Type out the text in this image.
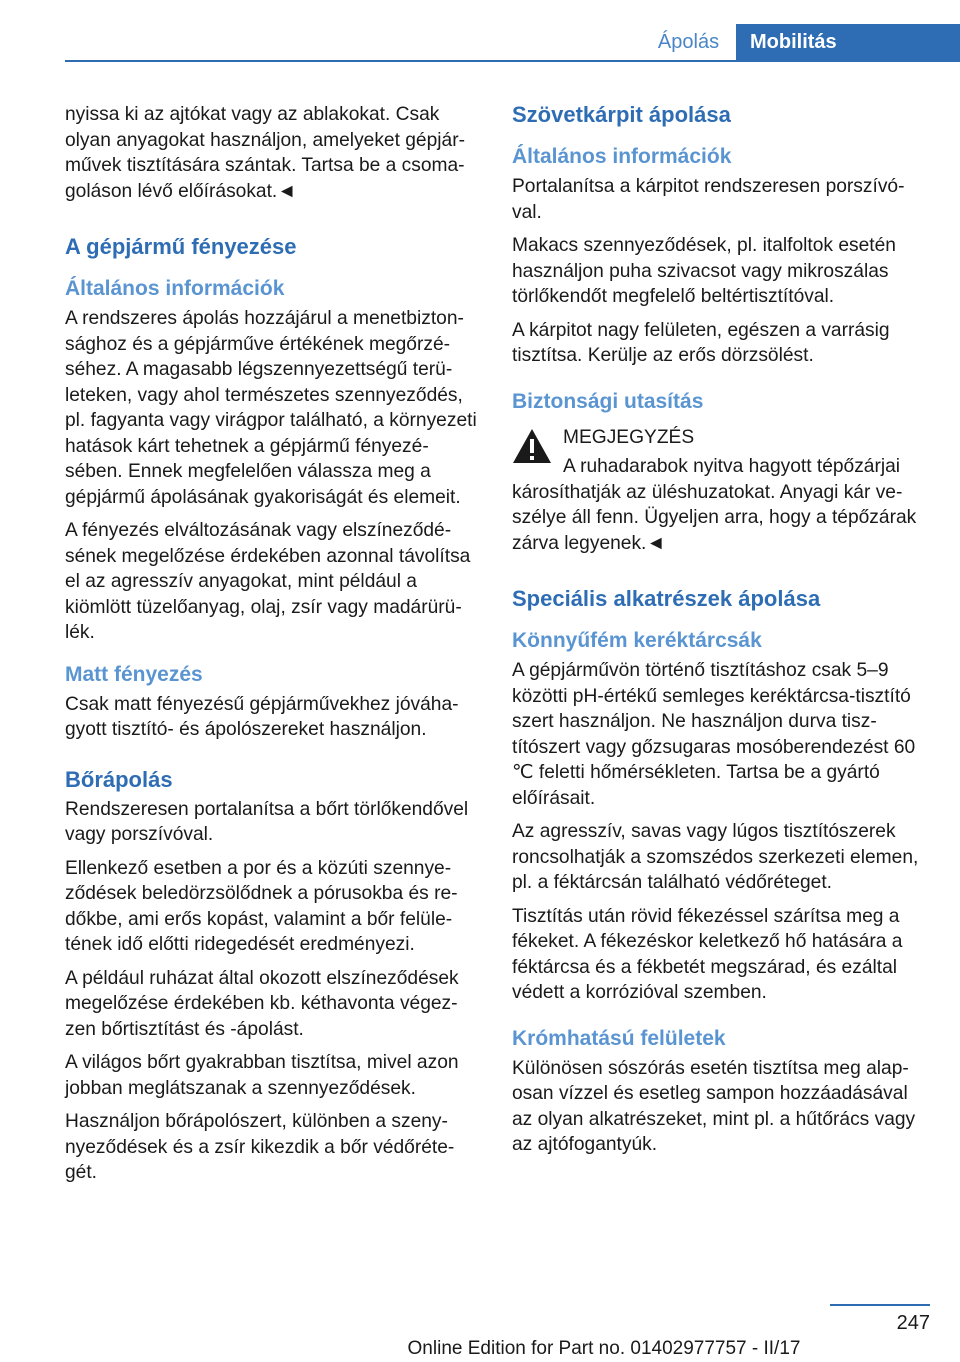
Ápolás	Mobilitás

nyissa ki az ajtókat vagy az ablakokat. Csak olyan anyagokat használjon, amelyeket gépjárművek tisztítására szántak. Tartsa be a csomagoláson lévő előírásokat.◄

A gépjármű fényezése
Általános információk

A rendszeres ápolás hozzájárul a menetbiztonsághoz és a gépjárműve értékének megőrzéséhez. A magasabb légszennyezettségű területeken, vagy ahol természetes szennyeződés, pl. fagyanta vagy virágpor található, a környezeti hatások kárt tehetnek a gépjármű fényezésében. Ennek megfelelően válassza meg a gépjármű ápolásának gyakoriságát és elemeit.

A fényezés elváltozásának vagy elszíneződésének megelőzése érdekében azonnal távolítsa el az agresszív anyagokat, mint például a kiömlött tüzelőanyag, olaj, zsír vagy madárürülék.

Matt fényezés

Csak matt fényezésű gépjárművekhez jóváhagyott tisztító- és ápolószereket használjon.

Bőrápolás

Rendszeresen portalanítsa a bőrt törlőkendővel vagy porszívóval.

Ellenkező esetben a por és a közúti szennyeződések beledörzsölődnek a pórusokba és redőkbe, ami erős kopást, valamint a bőr felületének idő előtti ridegedését eredményezi.

A például ruházat által okozott elszíneződések megelőzése érdekében kb. kéthavonta végezzen bőrtisztítást és -ápolást.

A világos bőrt gyakrabban tisztítsa, mivel azon jobban meglátszanak a szennyeződések.

Használjon bőrápolószert, különben a szenynyeződések és a zsír kikezdik a bőr védőrétegét.

Szövetkárpit ápolása
Általános információk

Portalanítsa a kárpitot rendszeresen porszívóval.

Makacs szennyeződések, pl. italfoltok esetén használjon puha szivacsot vagy mikroszálas törlőkendőt megfelelő beltértisztítóval.

A kárpitot nagy felületen, egészen a varrásig tisztítsa. Kerülje az erős dörzsölést.

Biztonsági utasítás

MEGJEGYZÉS

A ruhadarabok nyitva hagyott tépőzárjai károsíthatják az üléshuzatokat. Anyagi kár veszélye áll fenn. Ügyeljen arra, hogy a tépőzárak zárva legyenek.◄

Speciális alkatrészek ápolása
Könnyűfém keréktárcsák

A gépjárművön történő tisztításhoz csak 5–9 közötti pH-értékű semleges keréktárcsa-tisztító szert használjon. Ne használjon durva tisztítószert vagy gőzsugaras mosóberendezést 60 ℃ feletti hőmérsékleten. Tartsa be a gyártó előírásait.

Az agresszív, savas vagy lúgos tisztítószerek roncsolhatják a szomszédos szerkezeti elemen, pl. a féktárcsán található védőréteget.

Tisztítás után rövid fékezéssel szárítsa meg a fékeket. A fékezéskor keletkező hő hatására a féktárcsa és a fékbetét megszárad, és ezáltal védett a korrózióval szemben.

Krómhatású felületek

Különösen sószórás esetén tisztítsa meg alaposan vízzel és esetleg sampon hozzáadásával az olyan alkatrészeket, mint pl. a hűtőrács vagy az ajtófogantyúk.

247
Online Edition for Part no. 01402977757 - II/17
